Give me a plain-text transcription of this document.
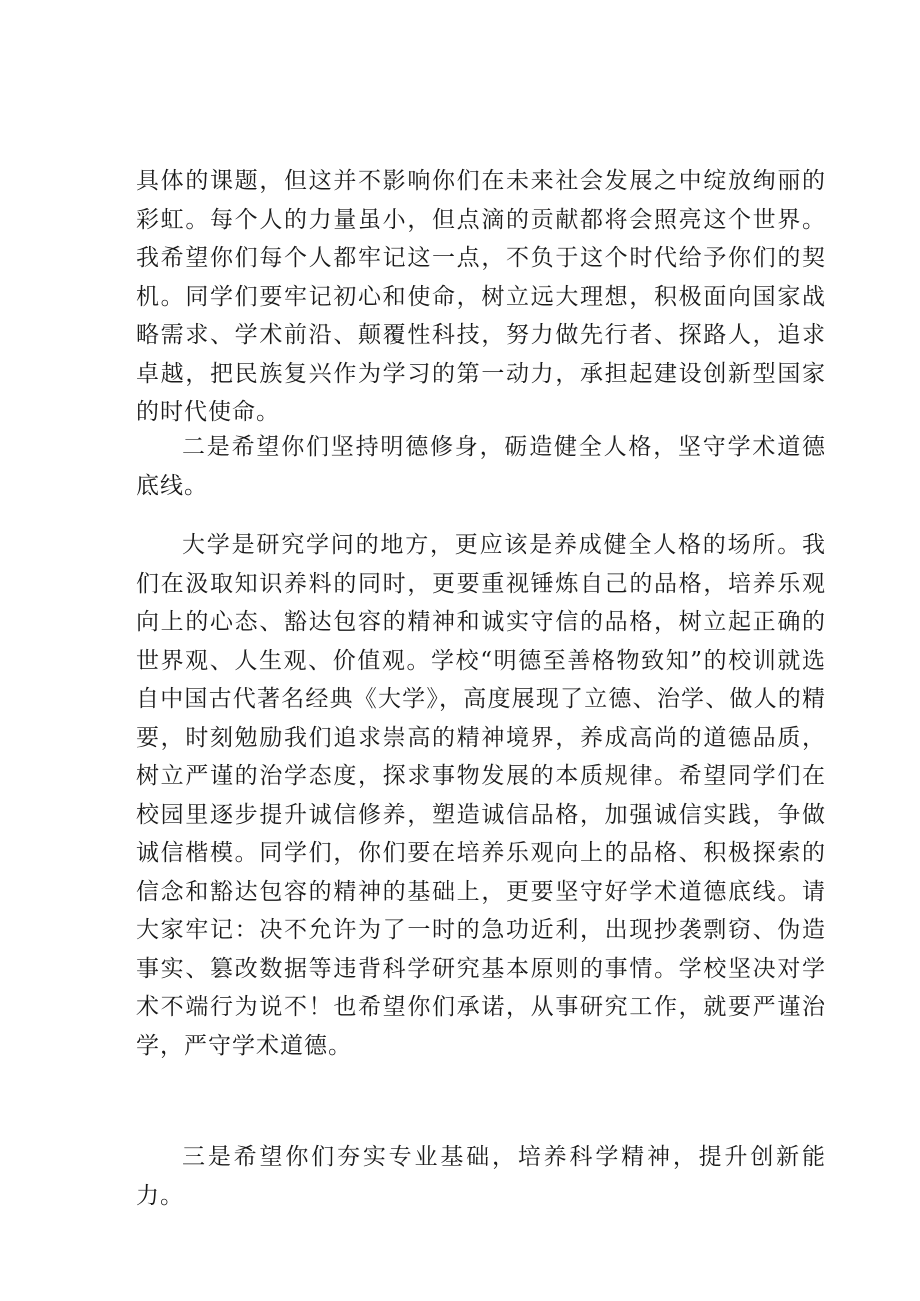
具体的课题，但这并不影响你们在未来社会发展之中绽放绚丽的彩虹。每个人的力量虽小，但点滴的贡献都将会照亮这个世界。我希望你们每个人都牢记这一点，不负于这个时代给予你们的契机。同学们要牢记初心和使命，树立远大理想，积极面向国家战略需求、学术前沿、颠覆性科技，努力做先行者、探路人，追求卓越，把民族复兴作为学习的第一动力，承担起建设创新型国家的时代使命。

二是希望你们坚持明德修身，砺造健全人格，坚守学术道德底线。

大学是研究学问的地方，更应该是养成健全人格的场所。我们在汲取知识养料的同时，更要重视锤炼自己的品格，培养乐观向上的心态、豁达包容的精神和诚实守信的品格，树立起正确的世界观、人生观、价值观。学校“明德至善格物致知”的校训就选自中国古代著名经典《大学》，高度展现了立德、治学、做人的精要，时刻勉励我们追求崇高的精神境界，养成高尚的道德品质，树立严谨的治学态度，探求事物发展的本质规律。希望同学们在校园里逐步提升诚信修养，塑造诚信品格，加强诚信实践，争做诚信楷模。同学们，你们要在培养乐观向上的品格、积极探索的信念和豁达包容的精神的基础上，更要坚守好学术道德底线。请大家牢记：决不允许为了一时的急功近利，出现抄袭剽窃、伪造事实、篡改数据等违背科学研究基本原则的事情。学校坚决对学术不端行为说不！也希望你们承诺，从事研究工作，就要严谨治学，严守学术道德。

三是希望你们夯实专业基础，培养科学精神，提升创新能力。
